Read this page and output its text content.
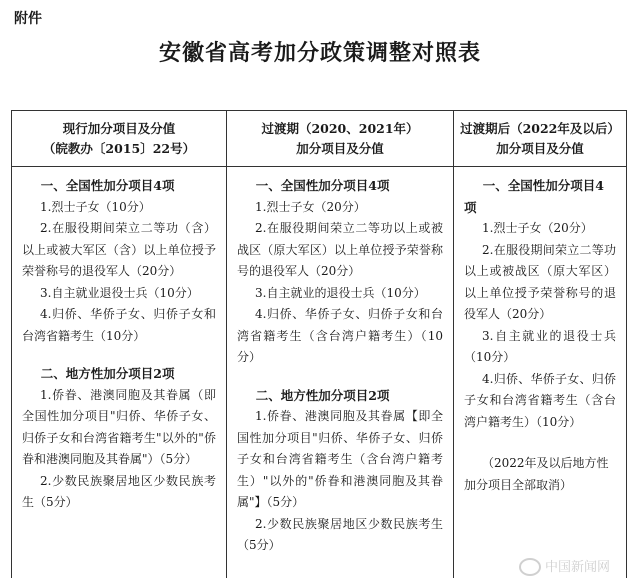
附件
安徽省高考加分政策调整对照表
现行加分项目及分值
（皖教办〔2015〕22号）
一、全国性加分项目4项
1.烈士子女（10分）
2.在服役期间荣立二等功（含）以上或被大军区（含）以上单位授予荣誉称号的退役军人（20分）
3.自主就业退役士兵（10分）
4.归侨、华侨子女、归侨子女和台湾省籍考生（10分）
二、地方性加分项目2项
1.侨眷、港澳同胞及其眷属（即全国性加分项目"归侨、华侨子女、归侨子女和台湾省籍考生"以外的"侨眷和港澳同胞及其眷属"）（5分）
2.少数民族聚居地区少数民族考生（5分）
过渡期（2020、2021年）
加分项目及分值
一、全国性加分项目4项
1.烈士子女（20分）
2.在服役期间荣立二等功以上或被战区（原大军区）以上单位授予荣誉称号的退役军人（20分）
3.自主就业的退役士兵（10分）
4.归侨、华侨子女、归侨子女和台湾省籍考生（含台湾户籍考生）（10分）
二、地方性加分项目2项
1.侨眷、港澳同胞及其眷属【即全国性加分项目"归侨、华侨子女、归侨子女和台湾省籍考生（含台湾户籍考生）"以外的"侨眷和港澳同胞及其眷属"】（5分）
2.少数民族聚居地区少数民族考生（5分）
过渡期后（2022年及以后）
加分项目及分值
一、全国性加分项目4项
1.烈士子女（20分）
2.在服役期间荣立二等功以上或被战区（原大军区）以上单位授予荣誉称号的退役军人（20分）
3.自主就业的退役士兵（10分）
4.归侨、华侨子女、归侨子女和台湾省籍考生（含台湾户籍考生）（10分）
（2022年及以后地方性加分项目全部取消）
中国新闻网
